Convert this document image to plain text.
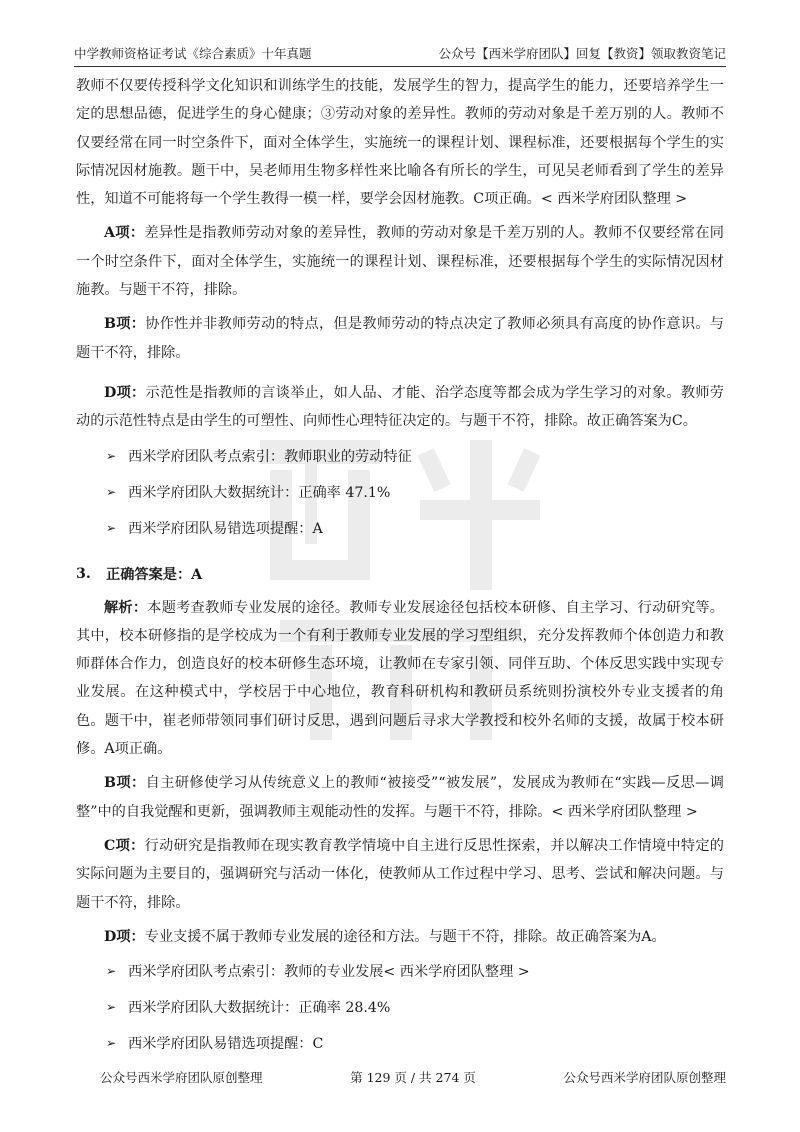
中学教师资格证考试《综合素质》十年真题	公众号【西米学府团队】回复【教资】领取教资笔记

教师不仅要传授科学文化知识和训练学生的技能，发展学生的智力，提高学生的能力，还要培养学生一定的思想品德，促进学生的身心健康；③劳动对象的差异性。教师的劳动对象是千差万别的人。教师不仅要经常在同一时空条件下，面对全体学生，实施统一的课程计划、课程标准，还要根据每个学生的实际情况因材施教。题干中，吴老师用生物多样性来比喻各有所长的学生，可见吴老师看到了学生的差异性，知道不可能将每一个学生教得一模一样，要学会因材施教。C项正确。< 西米学府团队整理 >

A项：差异性是指教师劳动对象的差异性，教师的劳动对象是千差万别的人。教师不仅要经常在同一个时空条件下，面对全体学生，实施统一的课程计划、课程标准，还要根据每个学生的实际情况因材施教。与题干不符，排除。

B项：协作性并非教师劳动的特点，但是教师劳动的特点决定了教师必须具有高度的协作意识。与题干不符，排除。

D项：示范性是指教师的言谈举止，如人品、才能、治学态度等都会成为学生学习的对象。教师劳动的示范性特点是由学生的可塑性、向师性心理特征决定的。与题干不符，排除。故正确答案为C。

➢ 西米学府团队考点索引：教师职业的劳动特征
➢ 西米学府团队大数据统计：正确率 47.1%
➢ 西米学府团队易错选项提醒：A
3.	正确答案是：A

解析：本题考查教师专业发展的途径。教师专业发展途径包括校本研修、自主学习、行动研究等。其中，校本研修指的是学校成为一个有利于教师专业发展的学习型组织，充分发挥教师个体创造力和教师群体合作力，创造良好的校本研修生态环境，让教师在专家引领、同伴互助、个体反思实践中实现专业发展。在这种模式中，学校居于中心地位，教育科研机构和教研员系统则扮演校外专业支援者的角色。题干中，崔老师带领同事们研讨反思，遇到问题后寻求大学教授和校外名师的支援，故属于校本研修。A项正确。

B项：自主研修使学习从传统意义上的教师“被接受”“被发展”，发展成为教师在“实践—反思—调整”中的自我觉醒和更新，强调教师主观能动性的发挥。与题干不符，排除。< 西米学府团队整理 >

C项：行动研究是指教师在现实教育教学情境中自主进行反思性探索，并以解决工作情境中特定的实际问题为主要目的，强调研究与活动一体化，使教师从工作过程中学习、思考、尝试和解决问题。与题干不符，排除。

D项：专业支援不属于教师专业发展的途径和方法。与题干不符，排除。故正确答案为A。

➢ 西米学府团队考点索引：教师的专业发展< 西米学府团队整理 >
➢ 西米学府团队大数据统计：正确率 28.4%
➢ 西米学府团队易错选项提醒：C
公众号西米学府团队原创整理	第 129 页 / 共 274 页	公众号西米学府团队原创整理
